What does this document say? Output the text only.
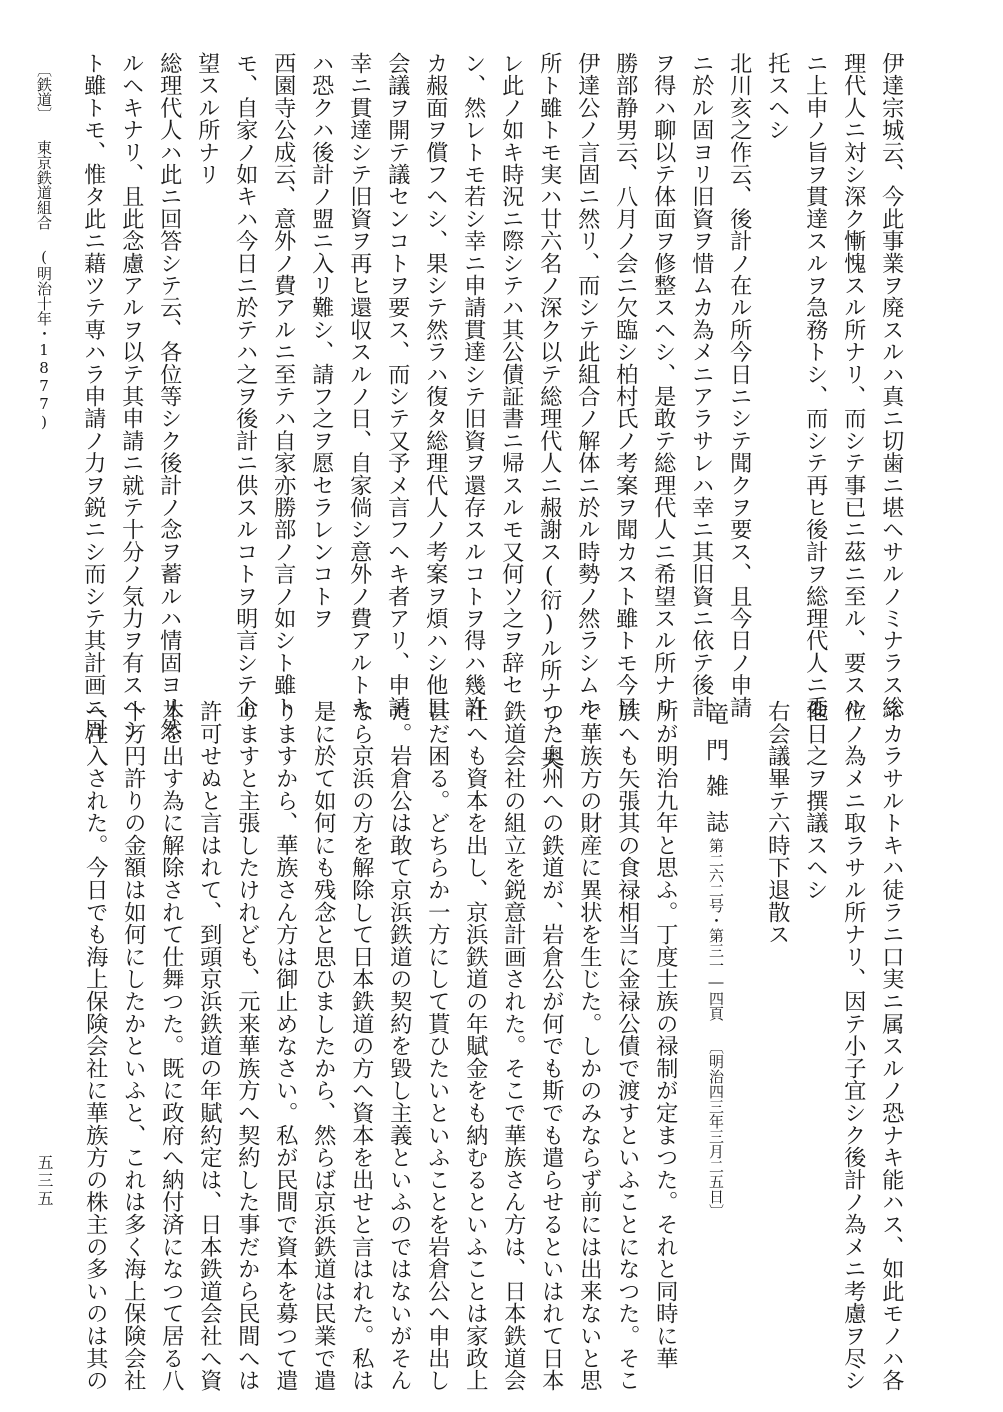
伊達宗城云、今此事業ヲ廃スルハ真ニ切歯ニ堪ヘサルノミナラス総
理代人ニ対シ深ク慚愧スル所ナリ、而シテ事已ニ茲ニ至ル、要スル
ニ上申ノ旨ヲ貫達スルヲ急務トシ、而シテ再ヒ後計ヲ総理代人ニ委
托スヘシ
北川亥之作云、後計ノ在ル所今日ニシテ聞クヲ要ス、且今日ノ申請
ニ於ル固ヨリ旧資ヲ惜ムカ為メニアラサレハ幸ニ其旧資ニ依テ後計
ヲ得ハ聊以テ体面ヲ修整スヘシ、是敢テ総理代人ニ希望スル所ナリ
勝部静男云、八月ノ会ニ欠臨シ柏村氏ノ考案ヲ聞カスト雖トモ今日
伊達公ノ言固ニ然リ、而シテ此組合ノ解体ニ於ル時勢ノ然ラシムル
所ト雖トモ実ハ廿六名ノ深ク以テ総理代人ニ赧謝ス(衍)ル所ナリ、夫
レ此ノ如キ時況ニ際シテハ其公債証書ニ帰スルモ又何ソ之ヲ辞セ
ン、然レトモ若シ幸ニ申請貫達シテ旧資ヲ還存スルコトヲ得ハ幾許
カ赧面ヲ償フヘシ、果シテ然ラハ復タ総理代人ノ考案ヲ煩ハシ他日
会議ヲ開テ議センコトヲ要ス、而シテ又予メ言フヘキ者アリ、申請
幸ニ貫達シテ旧資ヲ再ヒ還収スルノ日、自家倘シ意外ノ費アルトキ
ハ恐クハ後計ノ盟ニ入リ難シ、請フ之ヲ愿セラレンコトヲ
西園寺公成云、意外ノ費アルニ至テハ自家亦勝部ノ言ノ如シト雖ト
モ、自家ノ如キハ今日ニ於テハ之ヲ後計ニ供スルコトヲ明言シテ企
望スル所ナリ
総理代人ハ此ニ回答シテ云、各位等シク後計ノ念ヲ蓄ルハ情固ヨリ然
ルヘキナリ、且此念慮アルヲ以テ其申請ニ就テ十分ノ気力ヲ有スヘシ
ト雖トモ、惟タ此ニ藉ツテ専ハラ申請ノ力ヲ鋭ニシ而シテ其計画ニ周
ネカラサルトキハ徒ラニ口実ニ属スルノ恐ナキ能ハス、如此モノハ各
位ノ為メニ取ラサル所ナリ、因テ小子宜シク後計ノ為メニ考慮ヲ尽シ
他日之ヲ撰議スヘシ
右会議畢テ六時下退散ス
竜門雑誌
第二六二号・第三一―四頁 〔明治四三年三月二五日〕
所が明治九年と思ふ。丁度士族の禄制が定まつた。それと同時に華
族へも矢張其の食禄相当に金禄公債で渡すといふことになつた。そこ
で華族方の財産に異状を生じた。しかのみならず前には出来ないと思
つた奥州への鉄道が、岩倉公が何でも斯でも遣らせるといはれて日本
鉄道会社の組立を鋭意計画された。そこで華族さん方は、日本鉄道会
社へも資本を出し、京浜鉄道の年賦金をも納むるといふことは家政上
甚だ困る。どちらか一方にして貰ひたいといふことを岩倉公へ申出し
た。岩倉公は敢て京浜鉄道の契約を毀し主義といふのではないがそん
なら京浜の方を解除して日本鉄道の方へ資本を出せと言はれた。私は
是に於て如何にも残念と思ひましたから、然らば京浜鉄道は民業で遣
りますから、華族さん方は御止めなさい。私が民間で資本を募つて遣
りますと主張したけれども、元来華族方へ契約した事だから民間へは
許可せぬと言はれて、到頭京浜鉄道の年賦約定は、日本鉄道会社へ資
本を出す為に解除されて仕舞つた。既に政府へ納付済になつて居る八
十万円許りの金額は如何にしたかといふと、これは多く海上保険会社
へ注入された。今日でも海上保険会社に華族方の株主の多いのは其の
〔鉄道〕 東京鉄道組合 (明治十年・1877)
五三五
